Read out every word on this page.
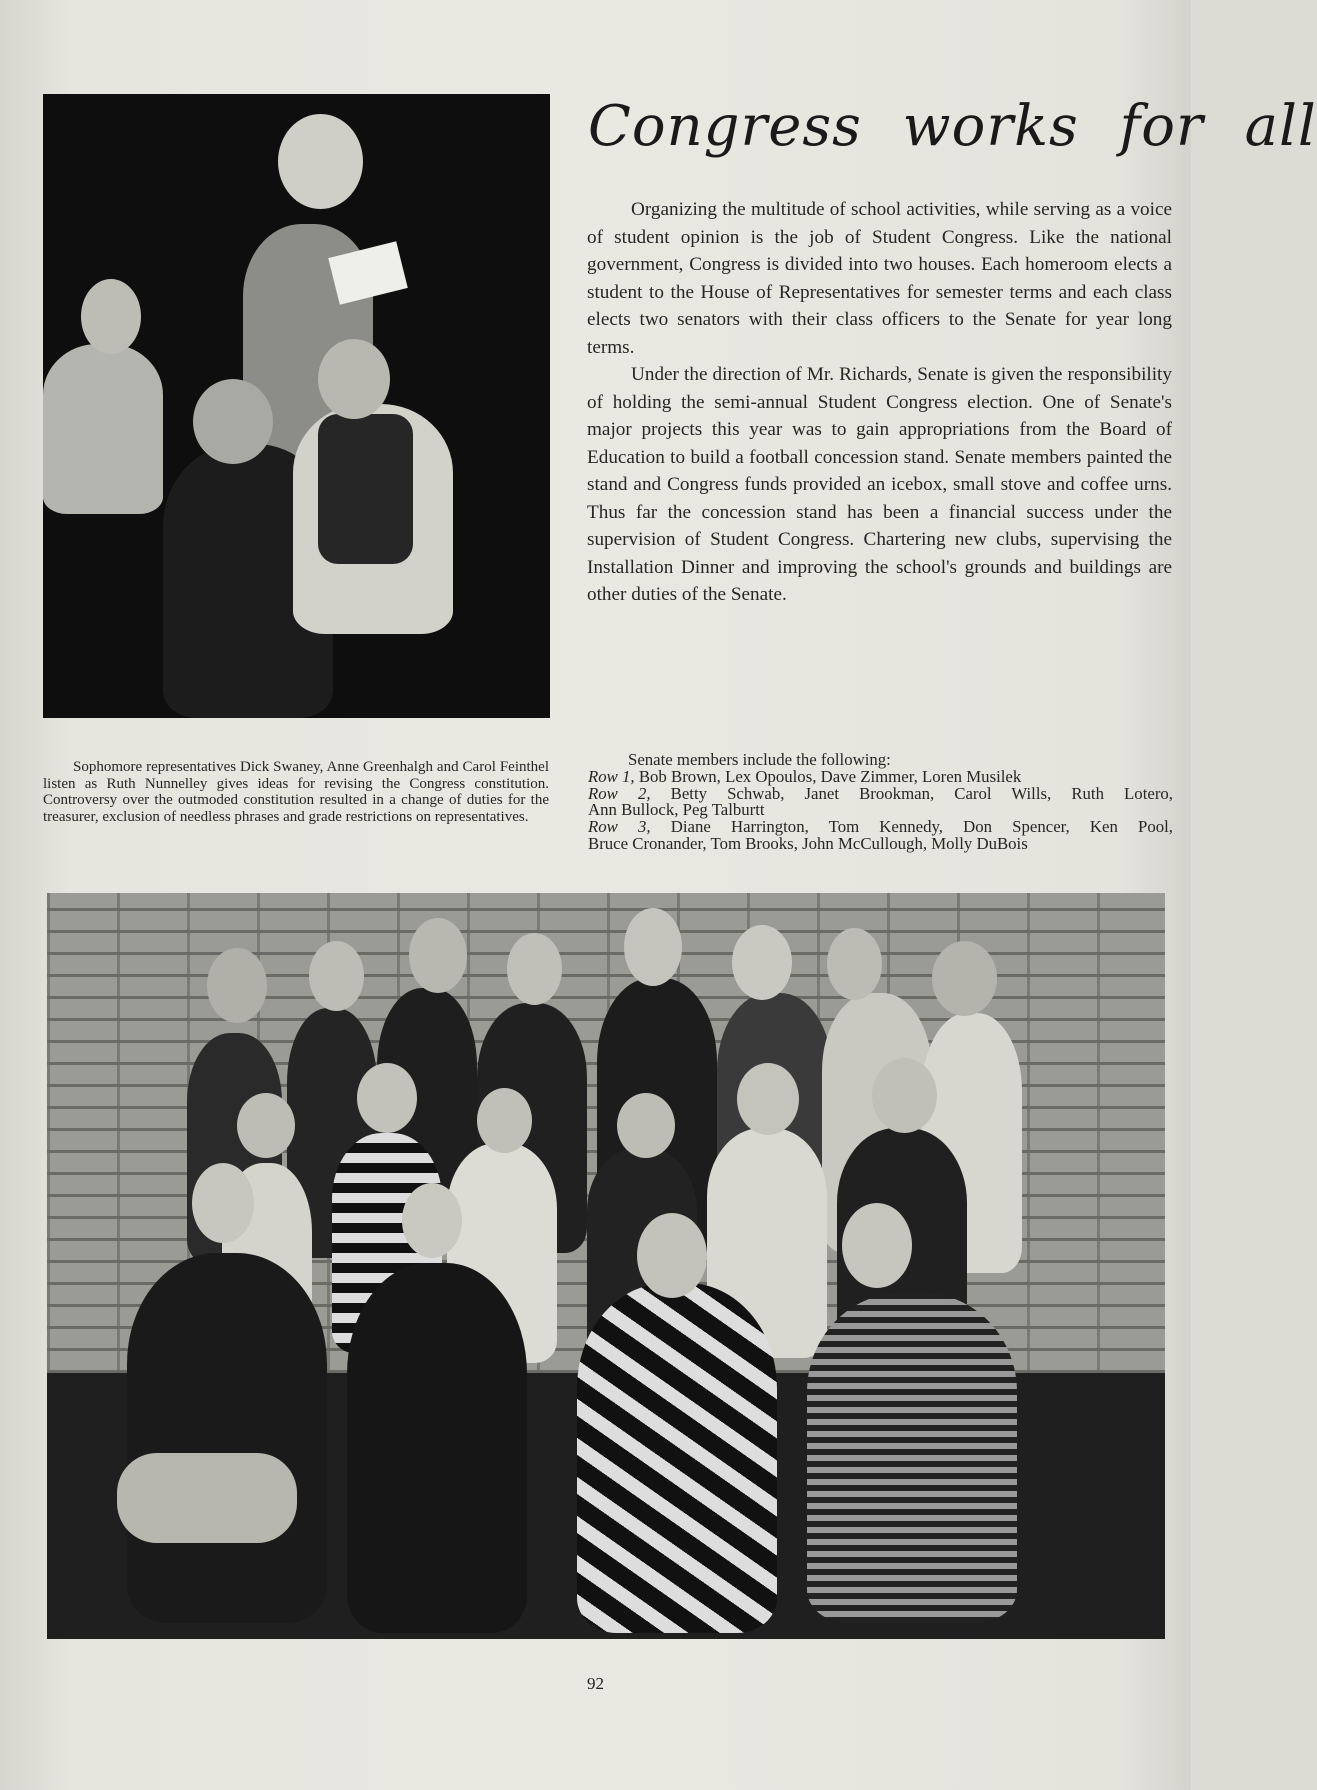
Congress works for all

Organizing the multitude of school activities, while serving as a voice of student opinion is the job of Student Congress. Like the national government, Congress is divided into two houses. Each homeroom elects a student to the House of Representatives for semester terms and each class elects two senators with their class officers to the Senate for year long terms.

Under the direction of Mr. Richards, Senate is given the responsibility of holding the semi-annual Student Congress election. One of Senate's major projects this year was to gain appropriations from the Board of Education to build a football concession stand. Senate members painted the stand and Congress funds provided an icebox, small stove and coffee urns. Thus far the concession stand has been a financial success under the supervision of Student Congress. Chartering new clubs, supervising the Installation Dinner and improving the school's grounds and buildings are other duties of the Senate.

Sophomore representatives Dick Swaney, Anne Greenhalgh and Carol Feinthel listen as Ruth Nunnelley gives ideas for revising the Congress constitution. Controversy over the outmoded constitution resulted in a change of duties for the treasurer, exclusion of needless phrases and grade restrictions on representatives.

Senate members include the following:
Row 1, Bob Brown, Lex Opoulos, Dave Zimmer, Loren Musilek
Row 2, Betty Schwab, Janet Brookman, Carol Wills, Ruth Lotero,
Ann Bullock, Peg Talburtt
Row 3, Diane Harrington, Tom Kennedy, Don Spencer, Ken Pool,
Bruce Cronander, Tom Brooks, John McCullough, Molly DuBois
92
